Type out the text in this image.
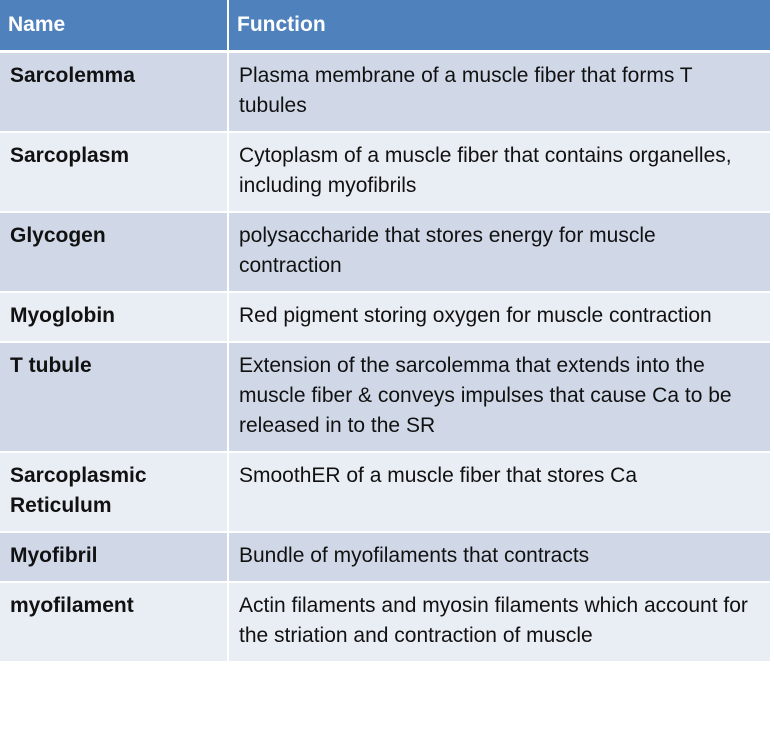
Name	Function
Sarcolemma	Plasma membrane of a muscle fiber that forms T tubules
Sarcoplasm	Cytoplasm of a muscle fiber that contains organelles, including myofibrils
Glycogen	polysaccharide that stores energy for muscle contraction
Myoglobin	Red pigment storing oxygen for muscle contraction
T tubule	Extension of the sarcolemma that extends into the muscle fiber & conveys impulses that cause Ca to be released in to the SR
Sarcoplasmic Reticulum	SmoothER of a muscle fiber that stores Ca
Myofibril	Bundle of myofilaments that contracts
myofilament	Actin filaments and myosin filaments which account for the striation and contraction of muscle
